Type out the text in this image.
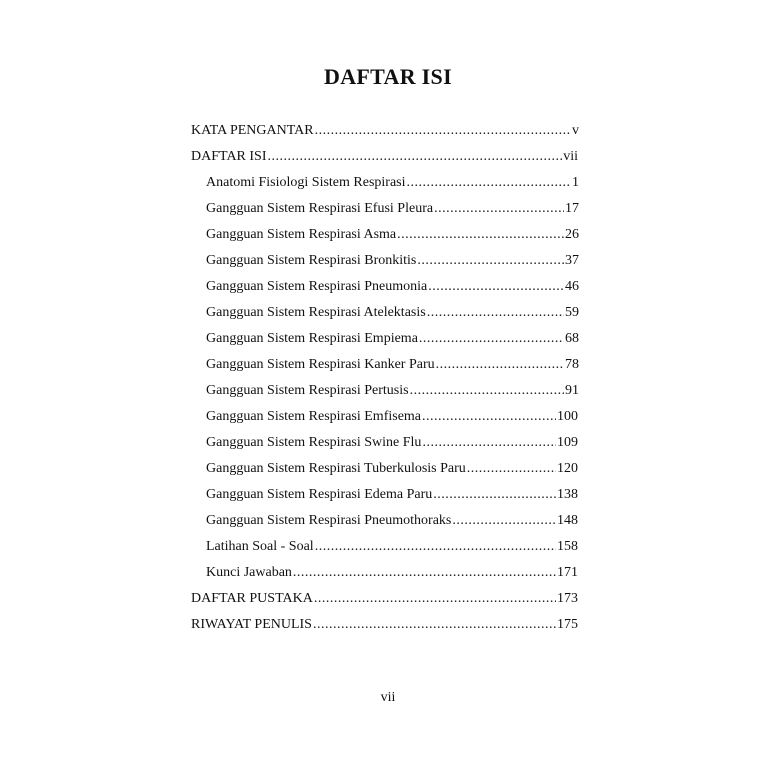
DAFTAR ISI
KATA PENGANTAR .....	v
DAFTAR ISI .....	vii
Anatomi Fisiologi Sistem Respirasi .....	1
Gangguan Sistem Respirasi Efusi Pleura .....	17
Gangguan Sistem Respirasi Asma .....	26
Gangguan Sistem Respirasi Bronkitis .....	37
Gangguan Sistem Respirasi Pneumonia .....	46
Gangguan Sistem Respirasi Atelektasis .....	59
Gangguan Sistem Respirasi Empiema .....	68
Gangguan Sistem Respirasi Kanker Paru .....	78
Gangguan Sistem Respirasi Pertusis .....	91
Gangguan Sistem Respirasi Emfisema .....	100
Gangguan Sistem Respirasi Swine Flu .....	109
Gangguan Sistem Respirasi Tuberkulosis Paru .....	120
Gangguan Sistem Respirasi Edema Paru .....	138
Gangguan Sistem Respirasi Pneumothoraks .....	148
Latihan Soal - Soal .....	158
Kunci Jawaban .....	171
DAFTAR PUSTAKA .....	173
RIWAYAT PENULIS .....	175
vii
